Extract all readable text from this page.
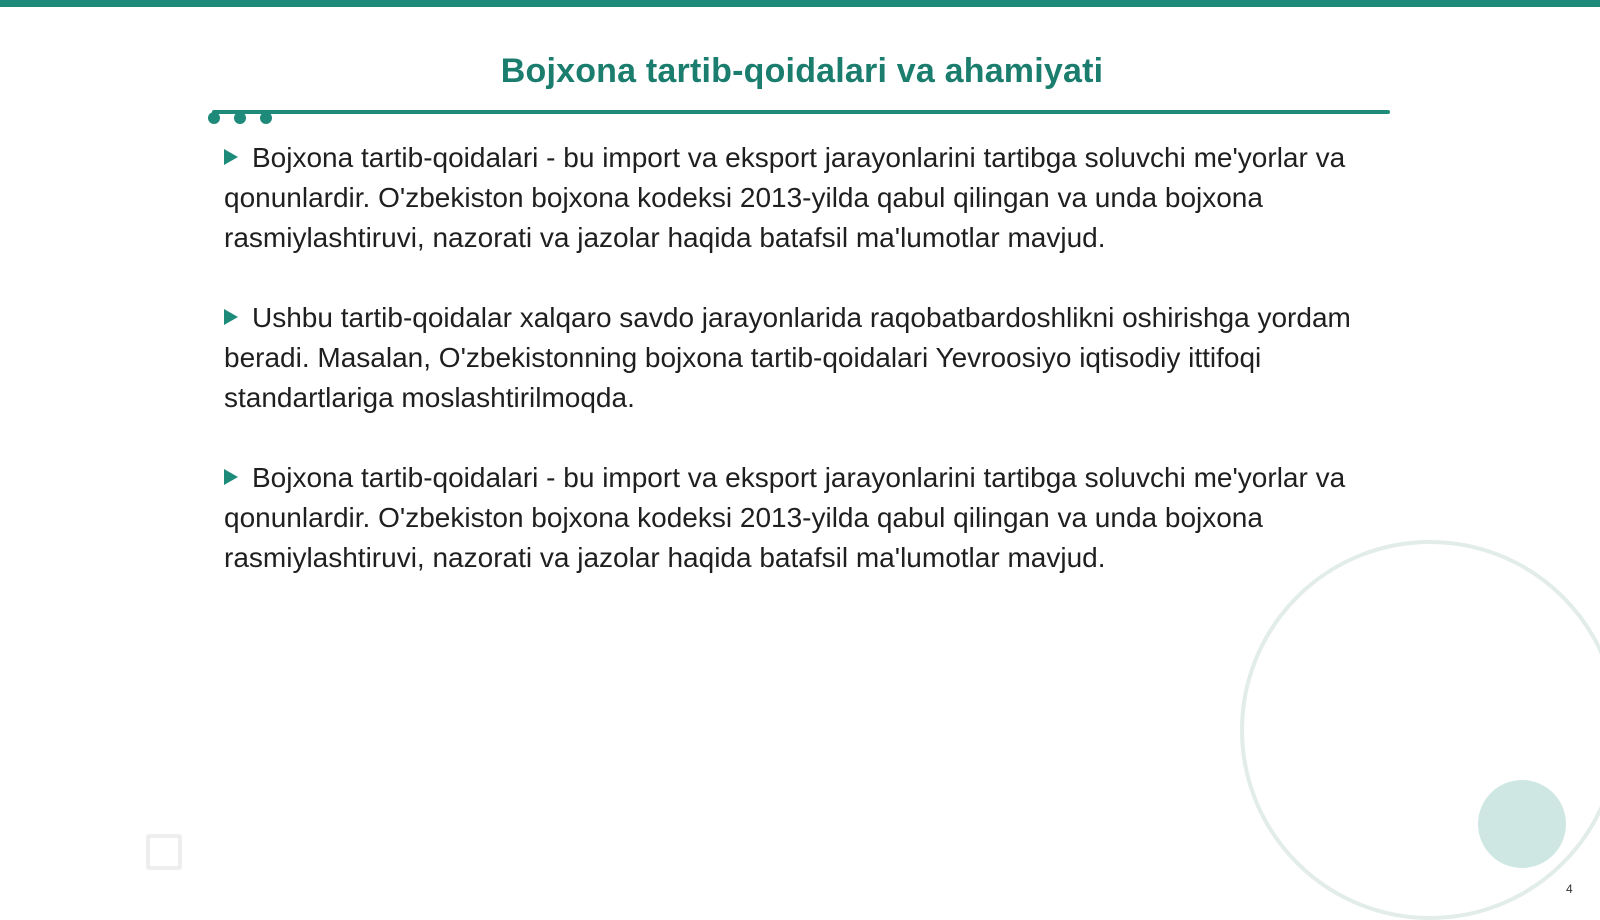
Bojxona tartib-qoidalari va ahamiyati

Bojxona tartib-qoidalari - bu import va eksport jarayonlarini tartibga soluvchi me'yorlar va qonunlardir. O'zbekiston bojxona kodeksi 2013-yilda qabul qilingan va unda bojxona rasmiylashtiruvi, nazorati va jazolar haqida batafsil ma'lumotlar mavjud.

Ushbu tartib-qoidalar xalqaro savdo jarayonlarida raqobatbardoshlikni oshirishga yordam beradi. Masalan, O'zbekistonning bojxona tartib-qoidalari Yevroosiyo iqtisodiy ittifoqi standartlariga moslashtirilmoqda.

Bojxona tartib-qoidalari - bu import va eksport jarayonlarini tartibga soluvchi me'yorlar va qonunlardir. O'zbekiston bojxona kodeksi 2013-yilda qabul qilingan va unda bojxona rasmiylashtiruvi, nazorati va jazolar haqida batafsil ma'lumotlar mavjud.

4
